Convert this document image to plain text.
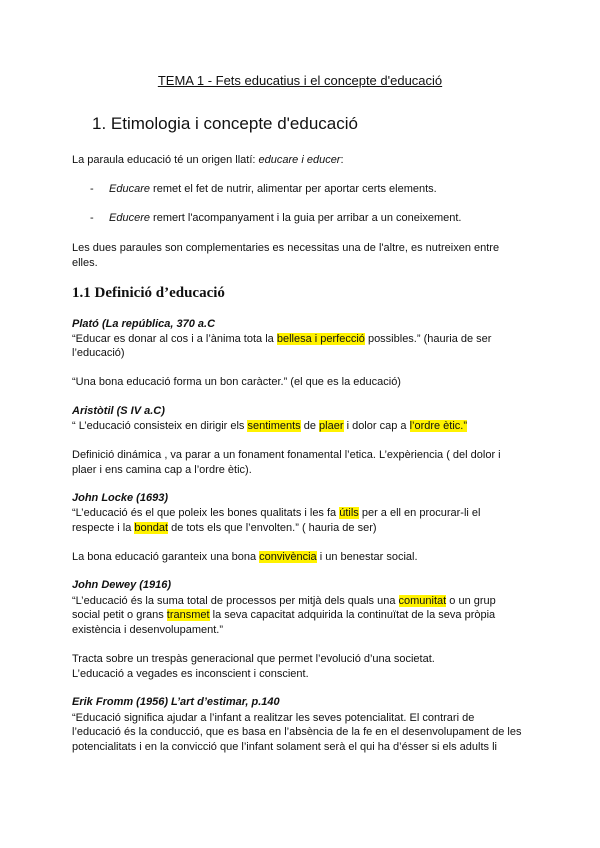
TEMA 1 - Fets educatius i el concepte d'educació
1. Etimologia i concepte d'educació
La paraula educació té un origen llatí: educare i educer:
- Educare remet el fet de nutrir, alimentar per aportar certs elements.
- Educere remert l'acompanyament i la guia per arribar a un coneixement.
Les dues paraules son complementaries es necessitas una de l'altre, es nutreixen entre
elles.
1.1 Definició d’educació
Plató (La república, 370 a.C
“Educar es donar al cos i a l’ànima tota la bellesa i perfecció possibles.” (hauria de ser
l’educació)
“Una bona educació forma un bon caràcter.” (el que es la educació)
Aristòtil (S IV a.C)
“ L’educació consisteix en dirigir els sentiments de plaer i dolor cap a l’ordre ètic.”
Definició dinámica , va parar a un fonament fonamental l’etica. L’expèriencia ( del dolor i
plaer i ens camina cap a l’ordre ètic).
John Locke (1693)
“L’educació és el que poleix les bones qualitats i les fa útils per a ell en procurar-li el
respecte i la bondat de tots els que l’envolten.” ( hauria de ser)
La bona educació garanteix una bona convivència i un benestar social.
John Dewey (1916)
“L’educació és la suma total de processos per mitjà dels quals una comunitat o un grup
social petit o grans transmet la seva capacitat adquirida la continuïtat de la seva pròpia
existència i desenvolupament.”
Tracta sobre un trespàs generacional que permet l’evolució d’una societat.
L’educació a vegades es inconscient i conscient.
Erik Fromm (1956) L’art d’estimar, p.140
“Educació significa ajudar a l’infant a realitzar les seves potencialitat. El contrari de
l’educació és la conducció, que es basa en l’absència de la fe en el desenvolupament de les
potencialitats i en la convicció que l’infant solament serà el qui ha d’ésser si els adults li
